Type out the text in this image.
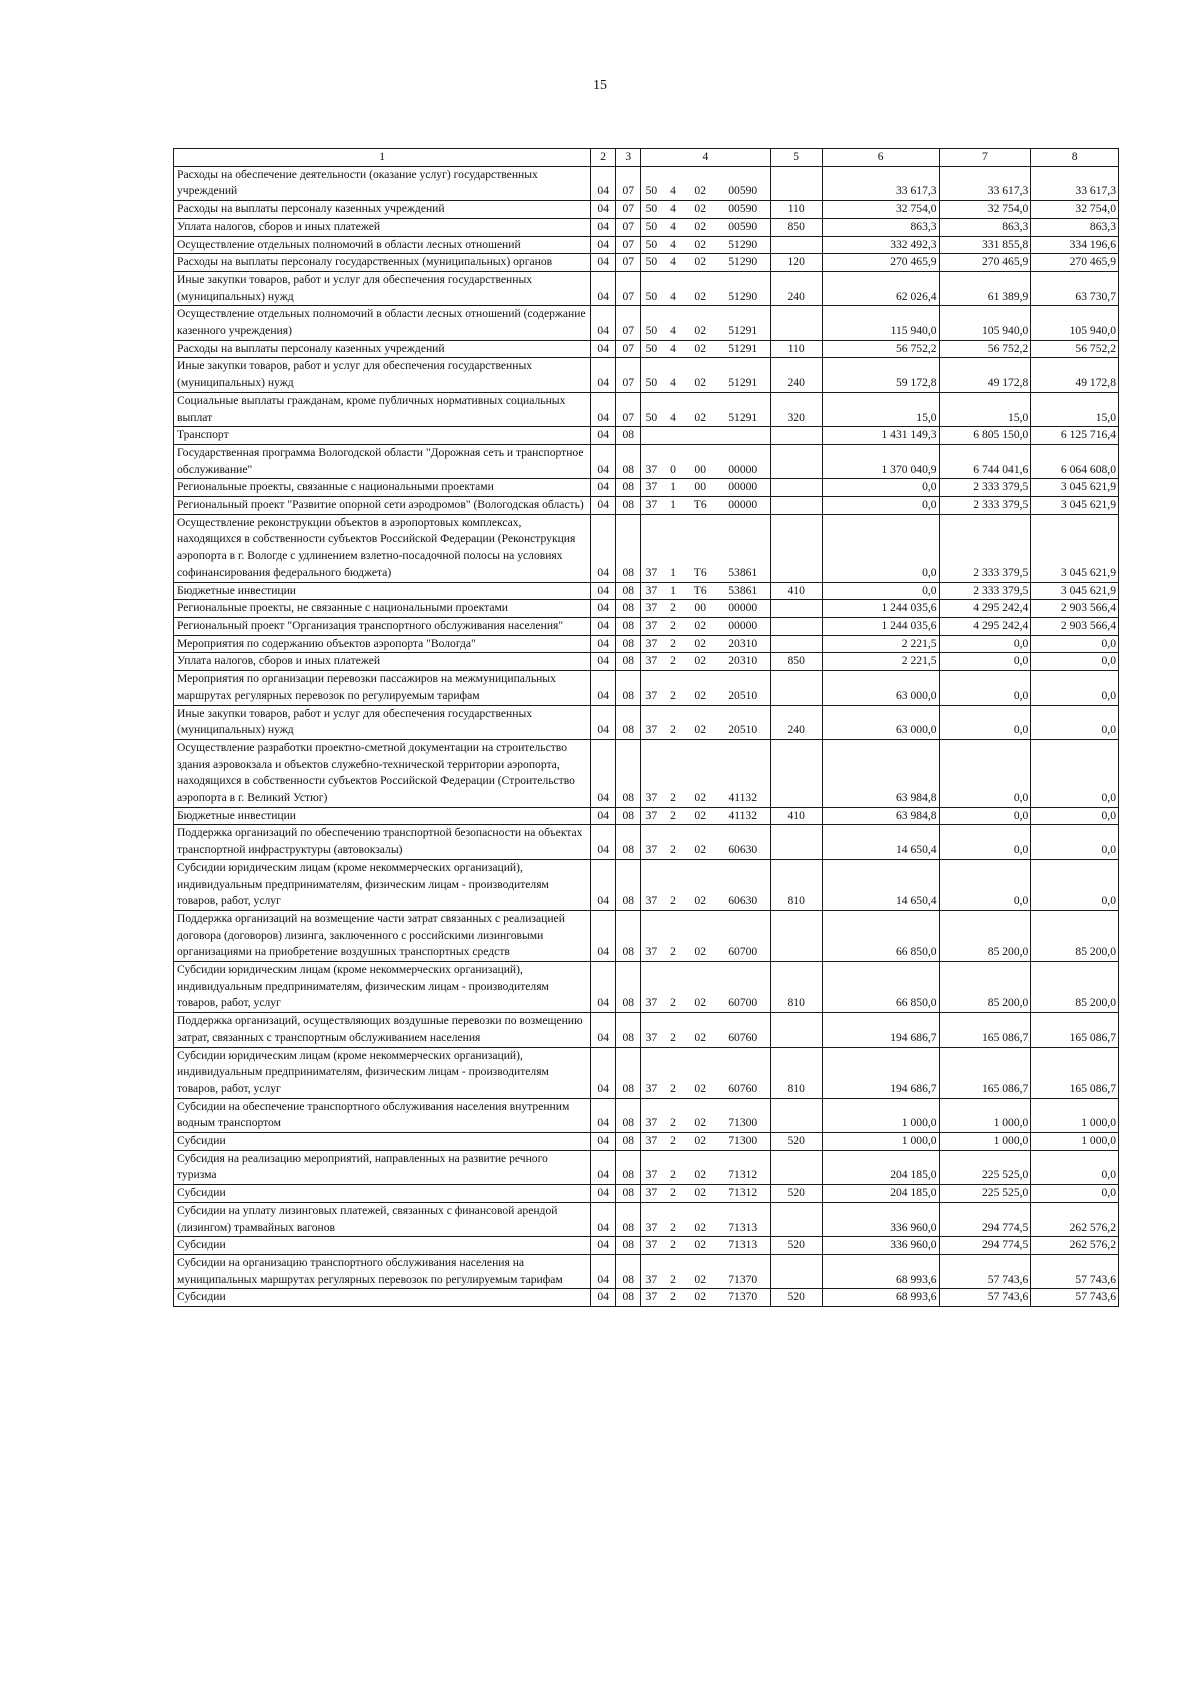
15
1	2	3	4				5	6	7	8
Расходы на обеспечение деятельности (оказание услуг) государственных учреждений	04	07	50	4	02	00590		33 617,3	33 617,3	33 617,3
Расходы на выплаты персоналу казенных учреждений	04	07	50	4	02	00590	110	32 754,0	32 754,0	32 754,0
Уплата налогов, сборов и иных платежей	04	07	50	4	02	00590	850	863,3	863,3	863,3
Осуществление отдельных полномочий в области лесных отношений	04	07	50	4	02	51290		332 492,3	331 855,8	334 196,6
Расходы на выплаты персоналу государственных (муниципальных) органов	04	07	50	4	02	51290	120	270 465,9	270 465,9	270 465,9
Иные закупки товаров, работ и услуг для обеспечения государственных (муниципальных) нужд	04	07	50	4	02	51290	240	62 026,4	61 389,9	63 730,7
Осуществление отдельных полномочий в области лесных отношений (содержание казенного учреждения)	04	07	50	4	02	51291		115 940,0	105 940,0	105 940,0
Расходы на выплаты персоналу казенных учреждений	04	07	50	4	02	51291	110	56 752,2	56 752,2	56 752,2
Иные закупки товаров, работ и услуг для обеспечения государственных (муниципальных) нужд	04	07	50	4	02	51291	240	59 172,8	49 172,8	49 172,8
Социальные выплаты гражданам, кроме публичных нормативных социальных выплат	04	07	50	4	02	51291	320	15,0	15,0	15,0
Транспорт	04	08						1 431 149,3	6 805 150,0	6 125 716,4
Государственная программа Вологодской области "Дорожная сеть и транспортное обслуживание"	04	08	37	0	00	00000		1 370 040,9	6 744 041,6	6 064 608,0
Региональные проекты, связанные с национальными проектами	04	08	37	1	00	00000		0,0	2 333 379,5	3 045 621,9
Региональный проект "Развитие опорной сети аэродромов" (Вологодская область)	04	08	37	1	Т6	00000		0,0	2 333 379,5	3 045 621,9
Осуществление реконструкции объектов в аэропортовых комплексах, находящихся в собственности субъектов Российской Федерации (Реконструкция аэропорта в г. Вологде с удлинением взлетно-посадочной полосы на условиях софинансирования федерального бюджета)	04	08	37	1	Т6	53861		0,0	2 333 379,5	3 045 621,9
Бюджетные инвестиции	04	08	37	1	Т6	53861	410	0,0	2 333 379,5	3 045 621,9
Региональные проекты, не связанные с национальными проектами	04	08	37	2	00	00000		1 244 035,6	4 295 242,4	2 903 566,4
Региональный проект "Организация транспортного обслуживания населения"	04	08	37	2	02	00000		1 244 035,6	4 295 242,4	2 903 566,4
Мероприятия по содержанию объектов аэропорта "Вологда"	04	08	37	2	02	20310		2 221,5	0,0	0,0
Уплата налогов, сборов и иных платежей	04	08	37	2	02	20310	850	2 221,5	0,0	0,0
Мероприятия по организации перевозки пассажиров на межмуниципальных маршрутах регулярных перевозок по регулируемым тарифам	04	08	37	2	02	20510		63 000,0	0,0	0,0
Иные закупки товаров, работ и услуг для обеспечения государственных (муниципальных) нужд	04	08	37	2	02	20510	240	63 000,0	0,0	0,0
Осуществление разработки проектно-сметной документации на строительство здания аэровокзала и объектов служебно-технической территории аэропорта, находящихся в собственности субъектов Российской Федерации (Строительство аэропорта в г. Великий Устюг)	04	08	37	2	02	41132		63 984,8	0,0	0,0
Бюджетные инвестиции	04	08	37	2	02	41132	410	63 984,8	0,0	0,0
Поддержка организаций по обеспечению транспортной безопасности на объектах транспортной инфраструктуры (автовокзалы)	04	08	37	2	02	60630		14 650,4	0,0	0,0
Субсидии юридическим лицам (кроме некоммерческих организаций), индивидуальным предпринимателям, физическим лицам - производителям товаров, работ, услуг	04	08	37	2	02	60630	810	14 650,4	0,0	0,0
Поддержка организаций на возмещение части затрат связанных с реализацией договора (договоров) лизинга, заключенного с российскими лизинговыми организациями на приобретение воздушных транспортных средств	04	08	37	2	02	60700		66 850,0	85 200,0	85 200,0
Субсидии юридическим лицам (кроме некоммерческих организаций), индивидуальным предпринимателям, физическим лицам - производителям товаров, работ, услуг	04	08	37	2	02	60700	810	66 850,0	85 200,0	85 200,0
Поддержка организаций, осуществляющих воздушные перевозки по возмещению затрат, связанных с транспортным обслуживанием населения	04	08	37	2	02	60760		194 686,7	165 086,7	165 086,7
Субсидии юридическим лицам (кроме некоммерческих организаций), индивидуальным предпринимателям, физическим лицам - производителям товаров, работ, услуг	04	08	37	2	02	60760	810	194 686,7	165 086,7	165 086,7
Субсидии на обеспечение транспортного обслуживания населения внутренним водным транспортом	04	08	37	2	02	71300		1 000,0	1 000,0	1 000,0
Субсидии	04	08	37	2	02	71300	520	1 000,0	1 000,0	1 000,0
Субсидия на реализацию мероприятий, направленных на развитие речного туризма	04	08	37	2	02	71312		204 185,0	225 525,0	0,0
Субсидии	04	08	37	2	02	71312	520	204 185,0	225 525,0	0,0
Субсидии на уплату лизинговых платежей, связанных с финансовой арендой (лизингом) трамвайных вагонов	04	08	37	2	02	71313		336 960,0	294 774,5	262 576,2
Субсидии	04	08	37	2	02	71313	520	336 960,0	294 774,5	262 576,2
Субсидии на организацию транспортного обслуживания населения на муниципальных маршрутах регулярных перевозок по регулируемым тарифам	04	08	37	2	02	71370		68 993,6	57 743,6	57 743,6
Субсидии	04	08	37	2	02	71370	520	68 993,6	57 743,6	57 743,6
